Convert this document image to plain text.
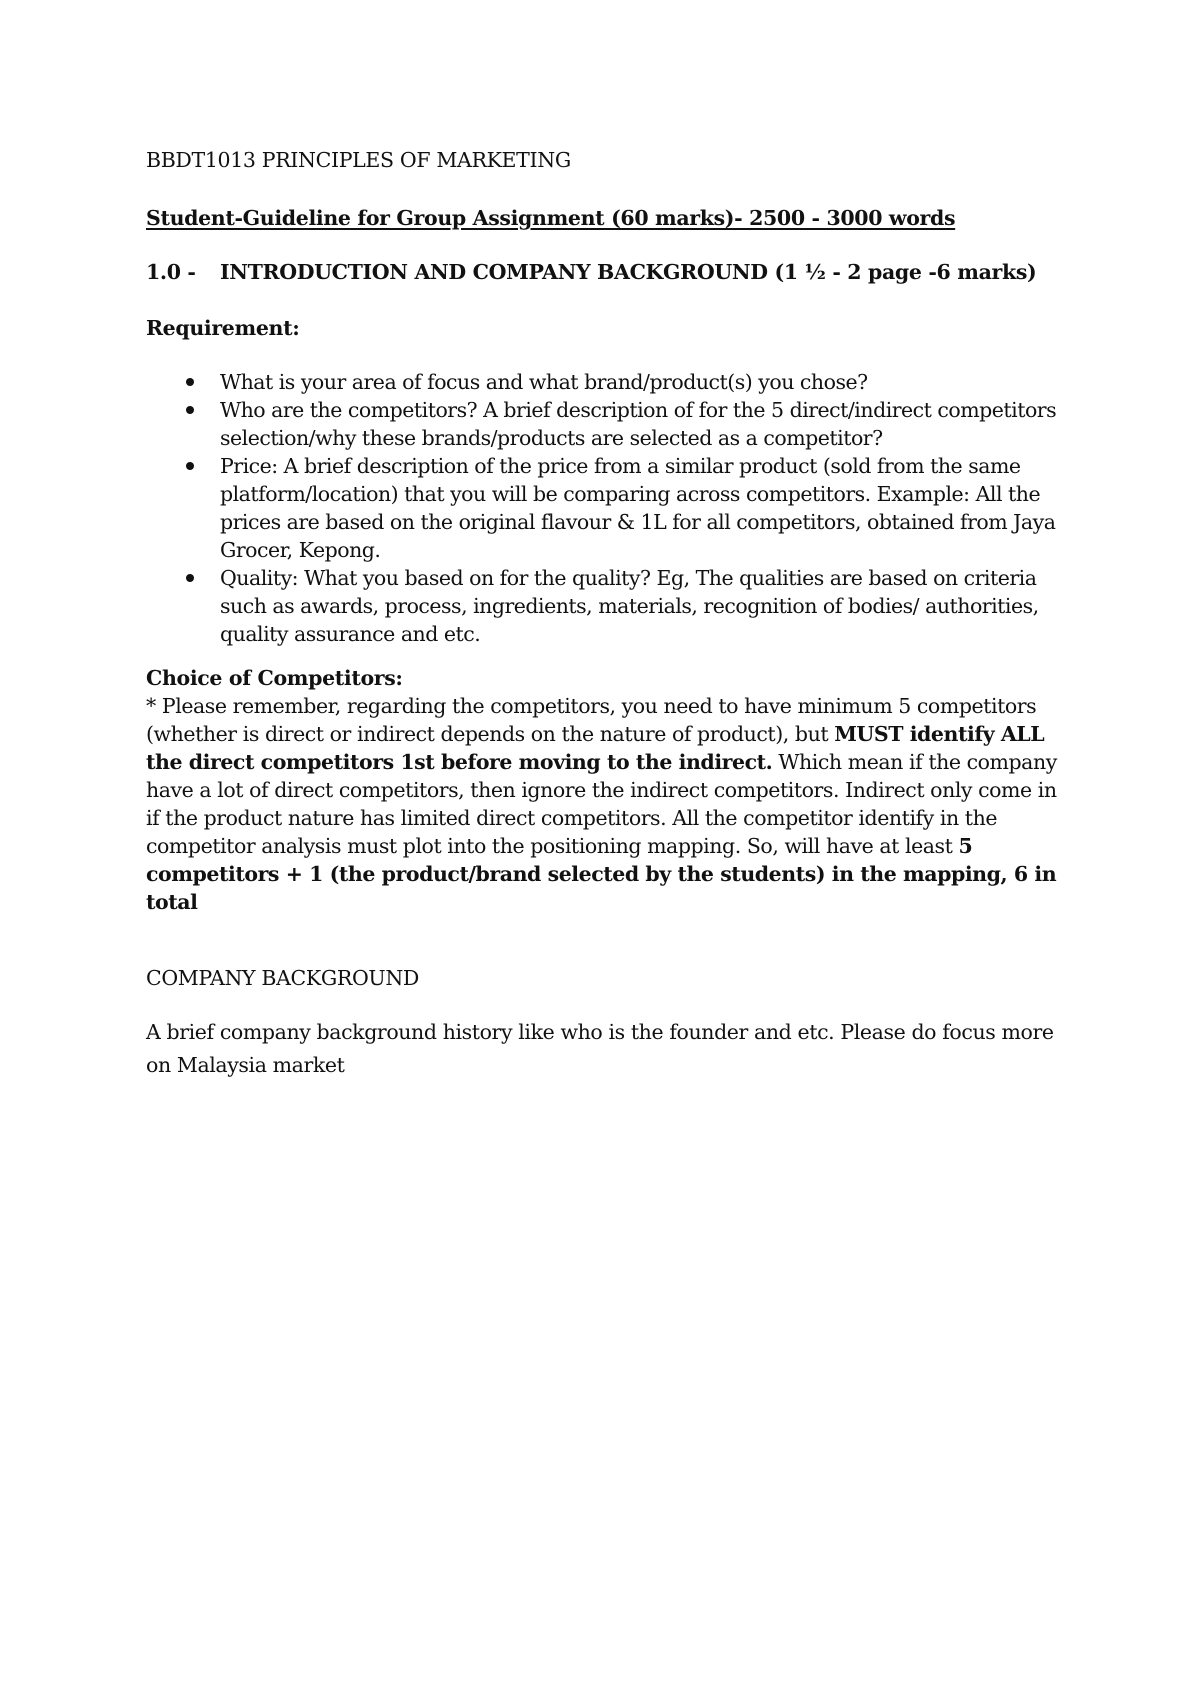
BBDT1013 PRINCIPLES OF MARKETING

Student-Guideline for Group Assignment (60 marks)- 2500 - 3000 words

1.0 -	INTRODUCTION AND COMPANY BACKGROUND (1 ½ - 2 page -6 marks)

Requirement:

What is your area of focus and what brand/product(s) you chose?
Who are the competitors? A brief description of for the 5 direct/indirect competitors selection/why these brands/products are selected as a competitor?
Price: A brief description of the price from a similar product (sold from the same platform/location) that you will be comparing across competitors. Example: All the prices are based on the original flavour & 1L for all competitors, obtained from Jaya Grocer, Kepong.
Quality: What you based on for the quality? Eg, The qualities are based on criteria such as awards, process, ingredients, materials, recognition of bodies/ authorities, quality assurance and etc.

Choice of Competitors:

* Please remember, regarding the competitors, you need to have minimum 5 competitors (whether is direct or indirect depends on the nature of product), but MUST identify ALL the direct competitors 1st before moving to the indirect. Which mean if the company have a lot of direct competitors, then ignore the indirect competitors. Indirect only come in if the product nature has limited direct competitors. All the competitor identify in the competitor analysis must plot into the positioning mapping. So, will have at least 5 competitors + 1 (the product/brand selected by the students) in the mapping, 6 in total

COMPANY BACKGROUND

A brief company background history like who is the founder and etc. Please do focus more on Malaysia market
